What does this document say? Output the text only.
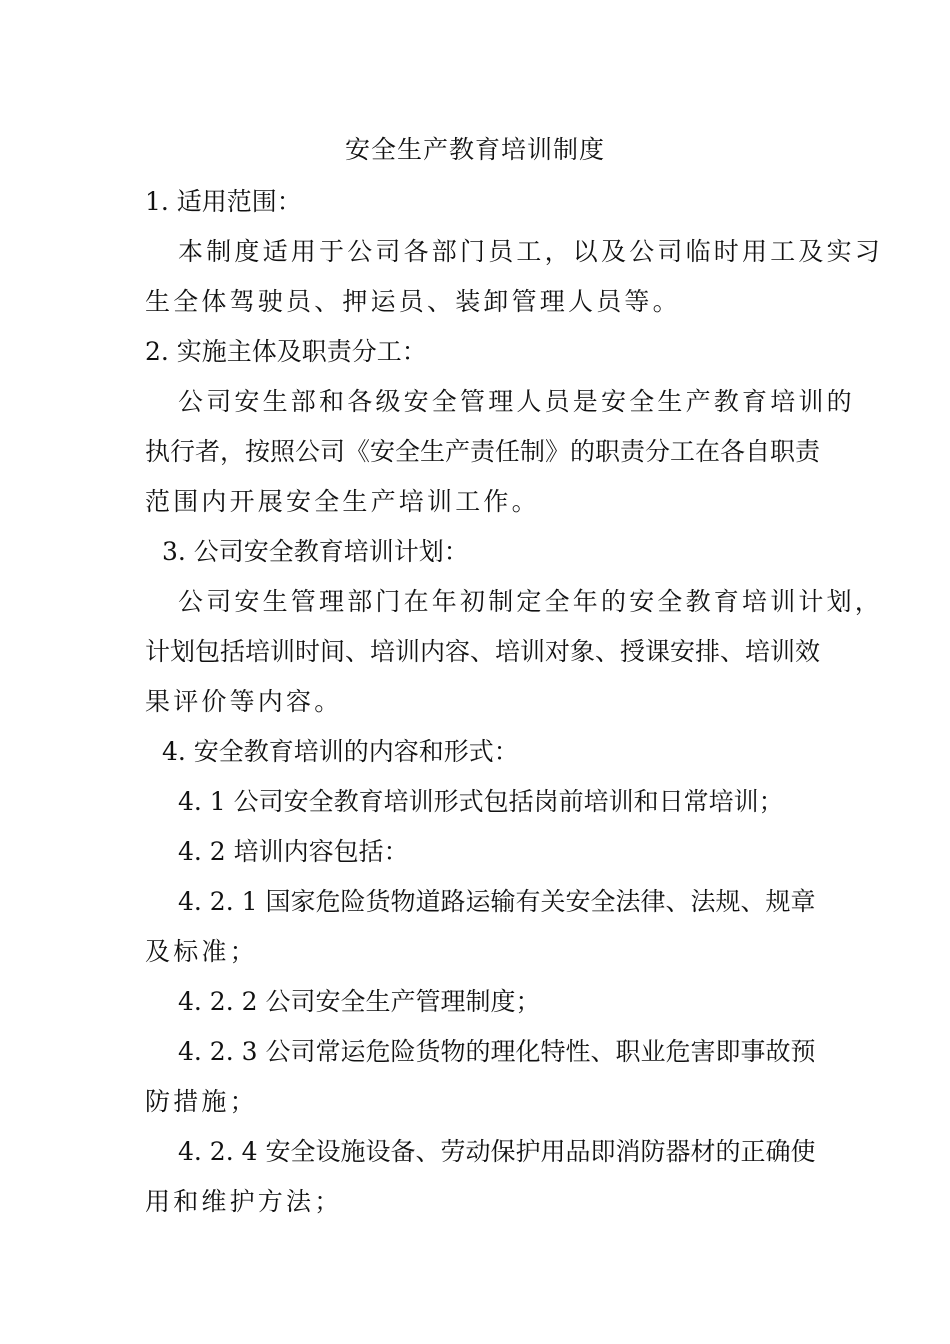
安全生产教育培训制度
1. 适用范围：
本制度适用于公司各部门员工，以及公司临时用工及实习
生全体驾驶员、押运员、装卸管理人员等。
2. 实施主体及职责分工：
公司安生部和各级安全管理人员是安全生产教育培训的
执行者，按照公司《安全生产责任制》的职责分工在各自职责
范围内开展安全生产培训工作。
3. 公司安全教育培训计划：
公司安生管理部门在年初制定全年的安全教育培训计划，
计划包括培训时间、培训内容、培训对象、授课安排、培训效
果评价等内容。
4. 安全教育培训的内容和形式：
4. 1 公司安全教育培训形式包括岗前培训和日常培训；
4. 2 培训内容包括：
4. 2. 1 国家危险货物道路运输有关安全法律、法规、规章
及标准；
4. 2. 2 公司安全生产管理制度；
4. 2. 3 公司常运危险货物的理化特性、职业危害即事故预
防措施；
4. 2. 4 安全设施设备、劳动保护用品即消防器材的正确使
用和维护方法；
